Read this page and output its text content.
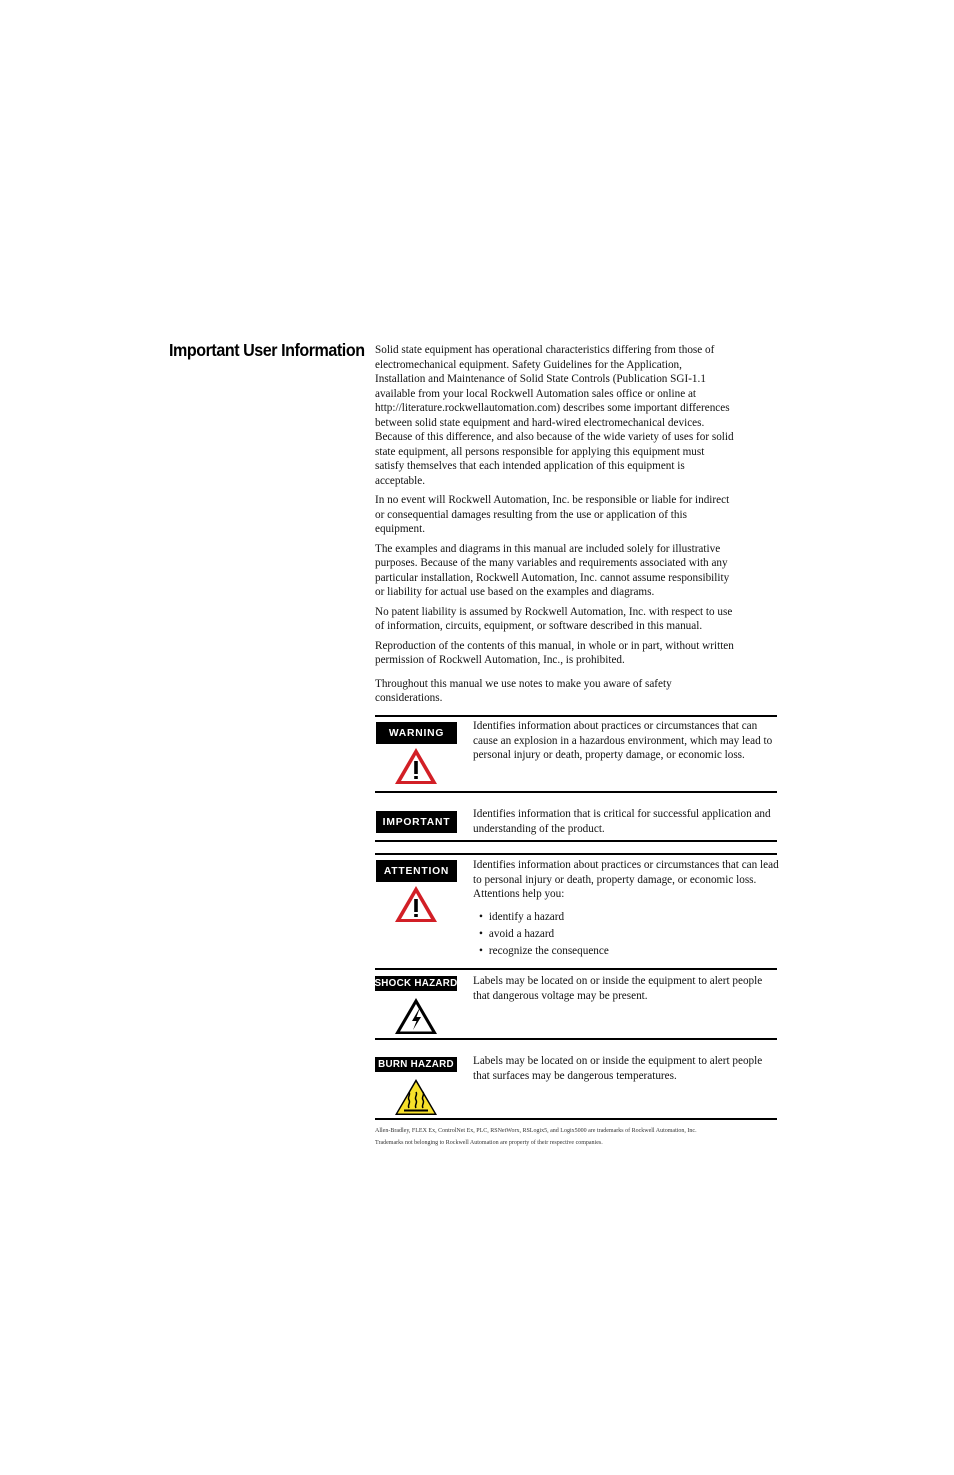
Important User Information Solid state equipment has operational characteristics differing from those of electromechanical equipment. Safety Guidelines for the Application, Installation and Maintenance of Solid State Controls (Publication SGI-1.1 available from your local Rockwell Automation sales office or online at http://literature.rockwellautomation.com) describes some important differences between solid state equipment and hard-wired electromechanical devices. Because of this difference, and also because of the wide variety of uses for solid state equipment, all persons responsible for applying this equipment must satisfy themselves that each intended application of this equipment is acceptable.

In no event will Rockwell Automation, Inc. be responsible or liable for indirect or consequential damages resulting from the use or application of this equipment.

The examples and diagrams in this manual are included solely for illustrative purposes. Because of the many variables and requirements associated with any particular installation, Rockwell Automation, Inc. cannot assume responsibility or liability for actual use based on the examples and diagrams.

No patent liability is assumed by Rockwell Automation, Inc. with respect to use of information, circuits, equipment, or software described in this manual.

Reproduction of the contents of this manual, in whole or in part, without written permission of Rockwell Automation, Inc., is prohibited.

Throughout this manual we use notes to make you aware of safety considerations.

WARNING
Identifies information about practices or circumstances that can cause an explosion in a hazardous environment, which may lead to personal injury or death, property damage, or economic loss.
IMPORTANT
Identifies information that is critical for successful application and understanding of the product.
ATTENTION	Identifies information about practices or circumstances that can lead to personal injury or death, property damage, or economic loss. Attentions help you:
• identify a hazard
• avoid a hazard
• recognize the consequence
SHOCK HAZARD Labels may be located on or inside the equipment to alert people that dangerous voltage may be present.
BURN HAZARD Labels may be located on or inside the equipment to alert people that surfaces may be dangerous temperatures.
Allen-Bradley, FLEX Ex, ControlNet Ex, PLC, RSNetWorx, RSLogix5, and Logix5000 are trademarks of Rockwell Automation, Inc.
Trademarks not belonging to Rockwell Automation are property of their respective companies.
